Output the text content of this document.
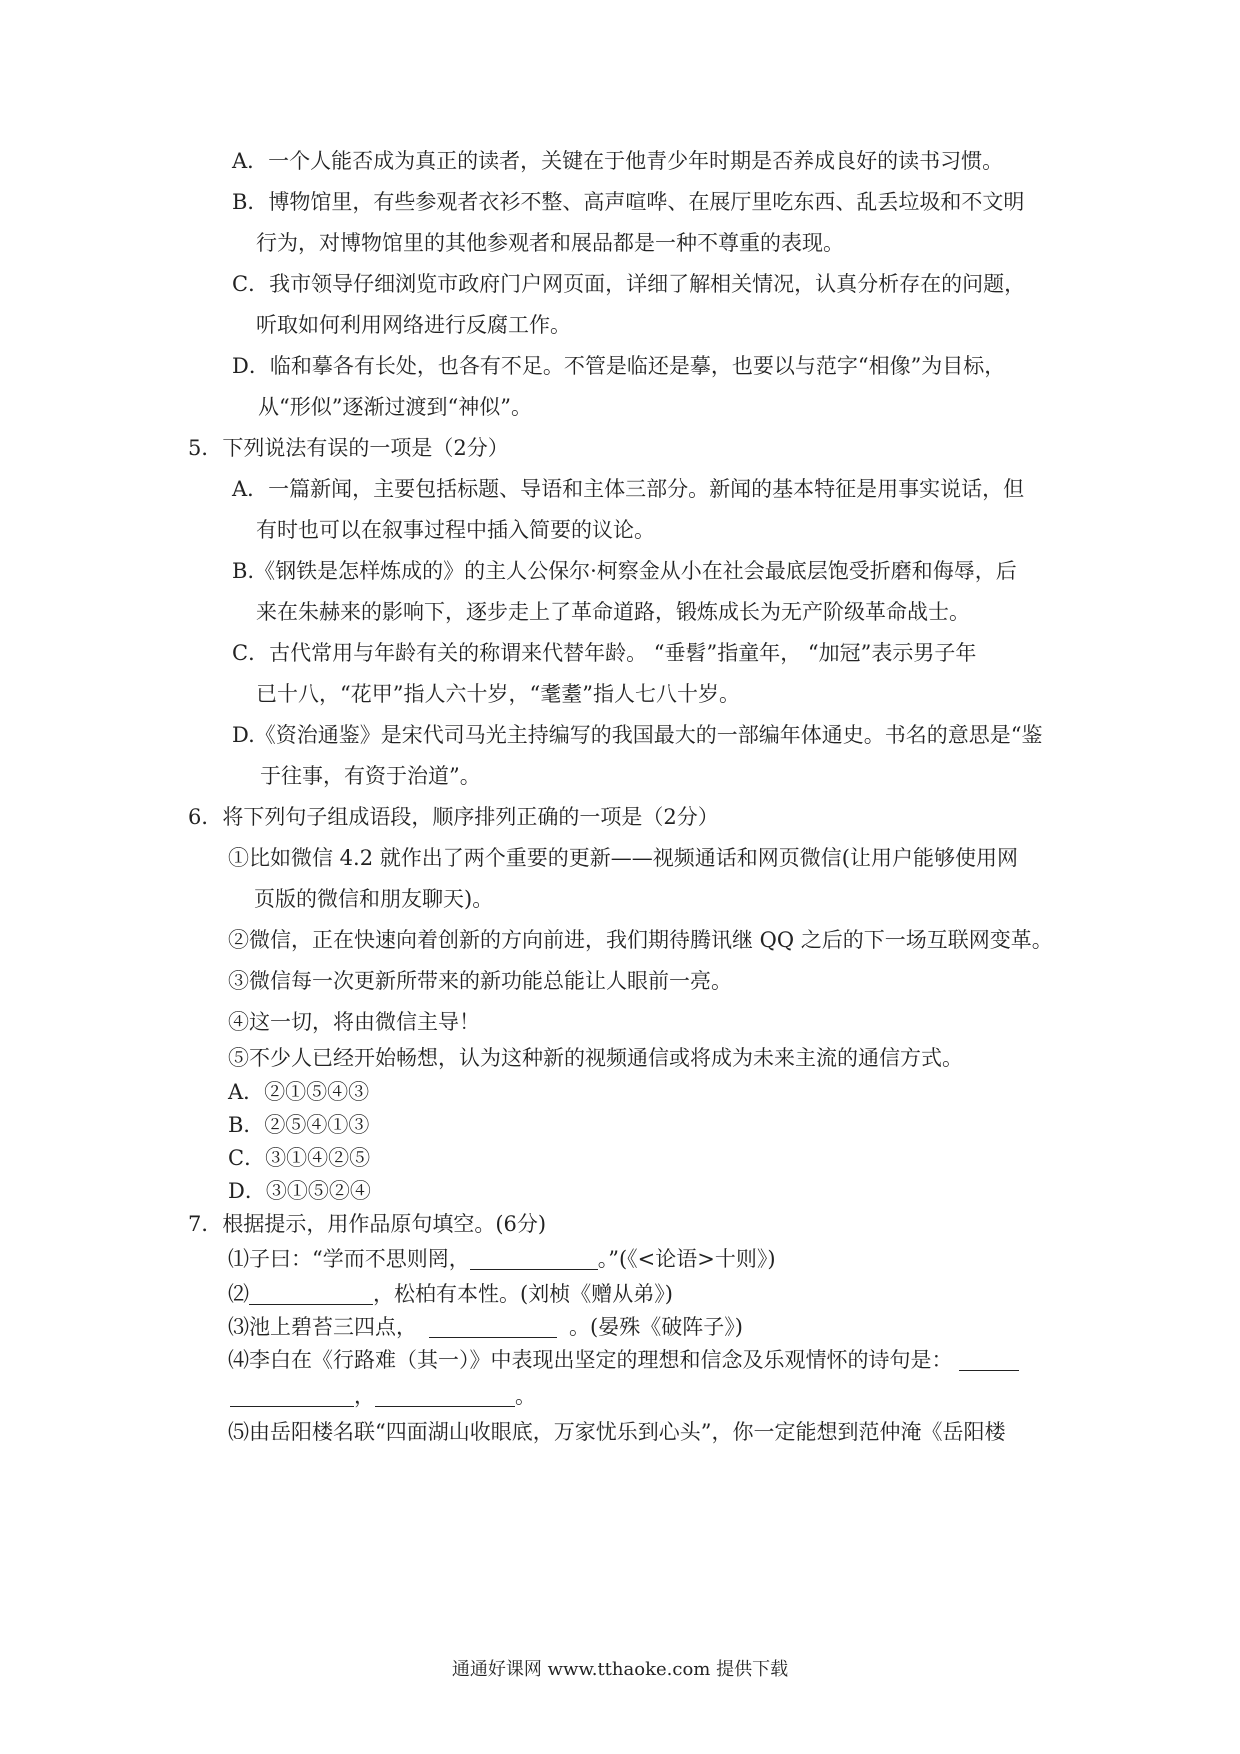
A．一个人能否成为真正的读者，关键在于他青少年时期是否养成良好的读书习惯。
B．博物馆里，有些参观者衣衫不整、高声喧哗、在展厅里吃东西、乱丢垃圾和不文明
行为，对博物馆里的其他参观者和展品都是一种不尊重的表现。
C．我市领导仔细浏览市政府门户网页面，详细了解相关情况，认真分析存在的问题，
听取如何利用网络进行反腐工作。
D．临和摹各有长处，也各有不足。不管是临还是摹，也要以与范字“相像”为目标，
从“形似”逐渐过渡到“神似”。
5．下列说法有误的一项是（2分）
A．一篇新闻，主要包括标题、导语和主体三部分。新闻的基本特征是用事实说话，但
有时也可以在叙事过程中插入简要的议论。
B.《钢铁是怎样炼成的》的主人公保尔·柯察金从小在社会最底层饱受折磨和侮辱，后
来在朱赫来的影响下，逐步走上了革命道路，锻炼成长为无产阶级革命战士。
C．古代常用与年龄有关的称谓来代替年龄。 “垂髫”指童年， “加冠”表示男子年
已十八，“花甲”指人六十岁，“耄耋”指人七八十岁。
D.《资治通鉴》是宋代司马光主持编写的我国最大的一部编年体通史。书名的意思是“鉴
于往事，有资于治道”。
6．将下列句子组成语段，顺序排列正确的一项是（2分）
①比如微信 4.2 就作出了两个重要的更新——视频通话和网页微信(让用户能够使用网
页版的微信和朋友聊天)。
②微信，正在快速向着创新的方向前进，我们期待腾讯继 QQ 之后的下一场互联网变革。
③微信每一次更新所带来的新功能总能让人眼前一亮。
④这一切，将由微信主导！
⑤不少人已经开始畅想，认为这种新的视频通信或将成为未来主流的通信方式。
A．②①⑤④③
B．②⑤④①③
C．③①④②⑤
D．③①⑤②④
7．根据提示，用作品原句填空。(6分)
⑴子曰：“学而不思则罔，	。”(《<论语>十则》)
⑵	，松柏有本性。(刘桢《赠从弟》)
⑶池上碧苔三四点，	。(晏殊《破阵子》)
⑷李白在《行路难（其一）》中表现出坚定的理想和信念及乐观情怀的诗句是：
，	。
⑸由岳阳楼名联“四面湖山收眼底，万家忧乐到心头”，你一定能想到范仲淹《岳阳楼
通通好课网 www.tthaoke.com 提供下载
